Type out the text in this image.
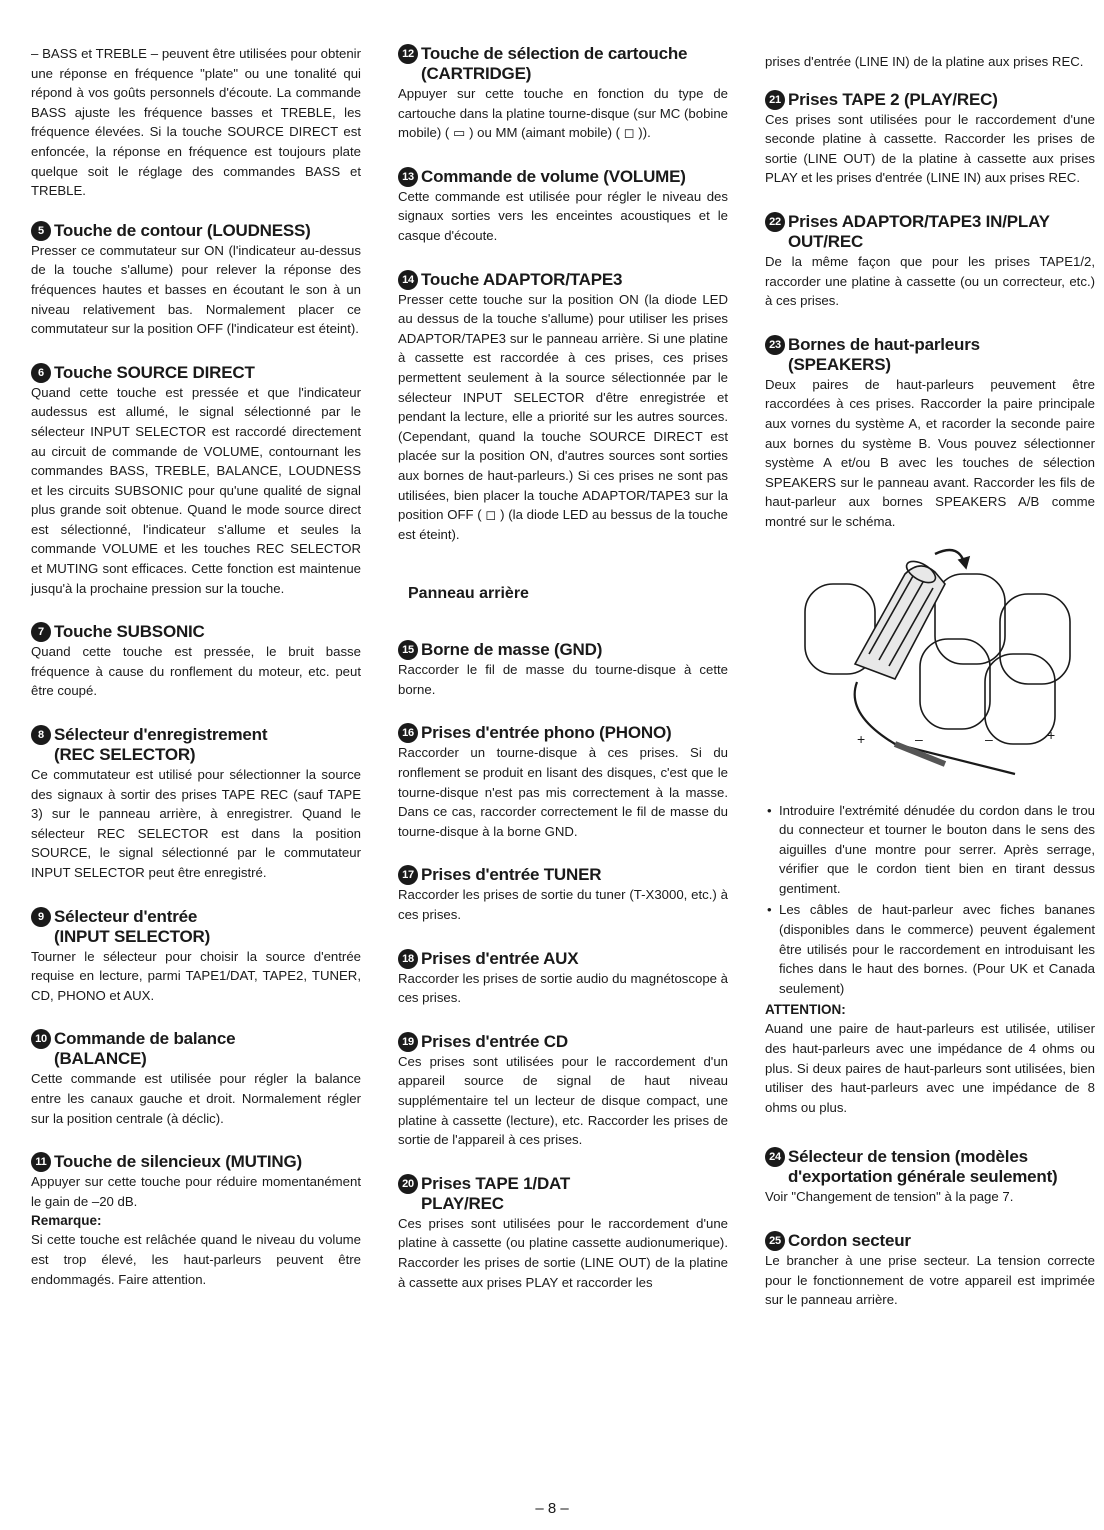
– BASS et TREBLE – peuvent être utilisées pour obtenir une réponse en fréquence "plate" ou une tonalité qui répond à vos goûts personnels d'écoute. La commande BASS ajuste les fréquence basses et TREBLE, les fréquence élevées. Si la touche SOURCE DIRECT est enfoncée, la réponse en fréquence est toujours plate quelque soit le réglage des commandes BASS et TREBLE.

5 Touche de contour (LOUDNESS)

Presser ce commutateur sur ON (l'indicateur au-dessus de la touche s'allume) pour relever la réponse des fréquences hautes et basses en écoutant le son à un niveau relativement bas. Normalement placer ce commutateur sur la position OFF (l'indicateur est éteint).

6 Touche SOURCE DIRECT

Quand cette touche est pressée et que l'indicateur audessus est allumé, le signal sélectionné par le sélecteur INPUT SELECTOR est raccordé directement au circuit de commande de VOLUME, contournant les commandes BASS, TREBLE, BALANCE, LOUDNESS et les circuits SUBSONIC pour qu'une qualité de signal plus grande soit obtenue. Quand le mode source direct est sélectionné, l'indicateur s'allume et seules la commande VOLUME et les touches REC SELECTOR et MUTING sont efficaces. Cette fonction est maintenue jusqu'à la prochaine pression sur la touche.

7 Touche SUBSONIC

Quand cette touche est pressée, le bruit basse fréquence à cause du ronflement du moteur, etc. peut être coupé.

8 Sélecteur d'enregistrement
(REC SELECTOR)

Ce commutateur est utilisé pour sélectionner la source des signaux à sortir des prises TAPE REC (sauf TAPE 3) sur le panneau arrière, à enregistrer. Quand le sélecteur REC SELECTOR est dans la position SOURCE, le signal sélectionné par le commutateur INPUT SELECTOR peut être enregistré.

9 Sélecteur d'entrée
(INPUT SELECTOR)

Tourner le sélecteur pour choisir la source d'entrée requise en lecture, parmi TAPE1/DAT, TAPE2, TUNER, CD, PHONO et AUX.

10 Commande de balance
(BALANCE)

Cette commande est utilisée pour régler la balance entre les canaux gauche et droit. Normalement régler sur la position centrale (à déclic).

11 Touche de silencieux (MUTING)

Appuyer sur cette touche pour réduire momentanément le gain de –20 dB.

Remarque:

Si cette touche est relâchée quand le niveau du volume est trop élevé, les haut-parleurs peuvent être endommagés. Faire attention.

12 Touche de sélection de cartouche
(CARTRIDGE)

Appuyer sur cette touche en fonction du type de cartouche dans la platine tourne-disque (sur MC (bobine mobile) ( ▭ ) ou MM (aimant mobile) ( ◻ )).

13 Commande de volume (VOLUME)

Cette commande est utilisée pour régler le niveau des signaux sorties vers les enceintes acoustiques et le casque d'écoute.

14 Touche ADAPTOR/TAPE3

Presser cette touche sur la position ON (la diode LED au dessus de la touche s'allume) pour utiliser les prises ADAPTOR/TAPE3 sur le panneau arrière. Si une platine à cassette est raccordée à ces prises, ces prises permettent seulement à la source sélectionnée par le sélecteur INPUT SELECTOR d'être enregistrée et pendant la lecture, elle a priorité sur les autres sources. (Cependant, quand la touche SOURCE DIRECT est placée sur la position ON, d'autres sources sont sorties aux bornes de haut-parleurs.) Si ces prises ne sont pas utilisées, bien placer la touche ADAPTOR/TAPE3 sur la position OFF ( ◻ ) (la diode LED au bessus de la touche est éteint).

Panneau arrière

15 Borne de masse (GND)

Raccorder le fil de masse du tourne-disque à cette borne.

16 Prises d'entrée phono (PHONO)

Raccorder un tourne-disque à ces prises. Si du ronflement se produit en lisant des disques, c'est que le tourne-disque n'est pas mis correctement à la masse. Dans ce cas, raccorder correctement le fil de masse du tourne-disque à la borne GND.

17 Prises d'entrée TUNER

Raccorder les prises de sortie du tuner (T-X3000, etc.) à ces prises.

18 Prises d'entrée AUX

Raccorder les prises de sortie audio du magnétoscope à ces prises.

19 Prises d'entrée CD

Ces prises sont utilisées pour le raccordement d'un appareil source de signal de haut niveau supplémentaire tel un lecteur de disque compact, une platine à cassette (lecture), etc. Raccorder les prises de sortie de l'appareil à ces prises.

20 Prises TAPE 1/DAT
PLAY/REC

Ces prises sont utilisées pour le raccordement d'une platine à cassette (ou platine cassette audionumerique). Raccorder les prises de sortie (LINE OUT) de la platine à cassette aux prises PLAY et raccorder les

prises d'entrée (LINE IN) de la platine aux prises REC.

21 Prises TAPE 2 (PLAY/REC)

Ces prises sont utilisées pour le raccordement d'une seconde platine à cassette. Raccorder les prises de sortie (LINE OUT) de la platine à cassette aux prises PLAY et les prises d'entrée (LINE IN) aux prises REC.

22 Prises ADAPTOR/TAPE3 IN/PLAY
OUT/REC

De la même façon que pour les prises TAPE1/2, raccorder une platine à cassette (ou un correcteur, etc.) à ces prises.

23 Bornes de haut-parleurs
(SPEAKERS)

Deux paires de haut-parleurs peuvement être raccordées à ces prises. Raccorder la paire principale aux vornes du système A, et racorder la seconde paire aux bornes du système B. Vous pouvez sélectionner système A et/ou B avec les touches de sélection SPEAKERS sur le panneau avant. Raccorder les fils de haut-parleur aux bornes SPEAKERS A/B comme montré sur le schéma.

+	–	–	+
• Introduire l'extrémité dénudée du cordon dans le trou du connecteur et tourner le bouton dans le sens des aiguilles d'une montre pour serrer. Après serrage, vérifier que le cordon tient bien en tirant dessus gentiment.
• Les câbles de haut-parleur avec fiches bananes (disponibles dans le commerce) peuvent également être utilisés pour le raccordement en introduisant les fiches dans le haut des bornes. (Pour UK et Canada seulement)

ATTENTION:

Auand une paire de haut-parleurs est utilisée, utiliser des haut-parleurs avec une impédance de 4 ohms ou plus. Si deux paires de haut-parleurs sont utilisées, bien utiliser des haut-parleurs avec une impédance de 8 ohms ou plus.

24 Sélecteur de tension (modèles
d'exportation générale seulement)

Voir "Changement de tension" à la page 7.

25 Cordon secteur

Le brancher à une prise secteur. La tension correcte pour le fonctionnement de votre appareil est imprimée sur le panneau arrière.

– 8 –
